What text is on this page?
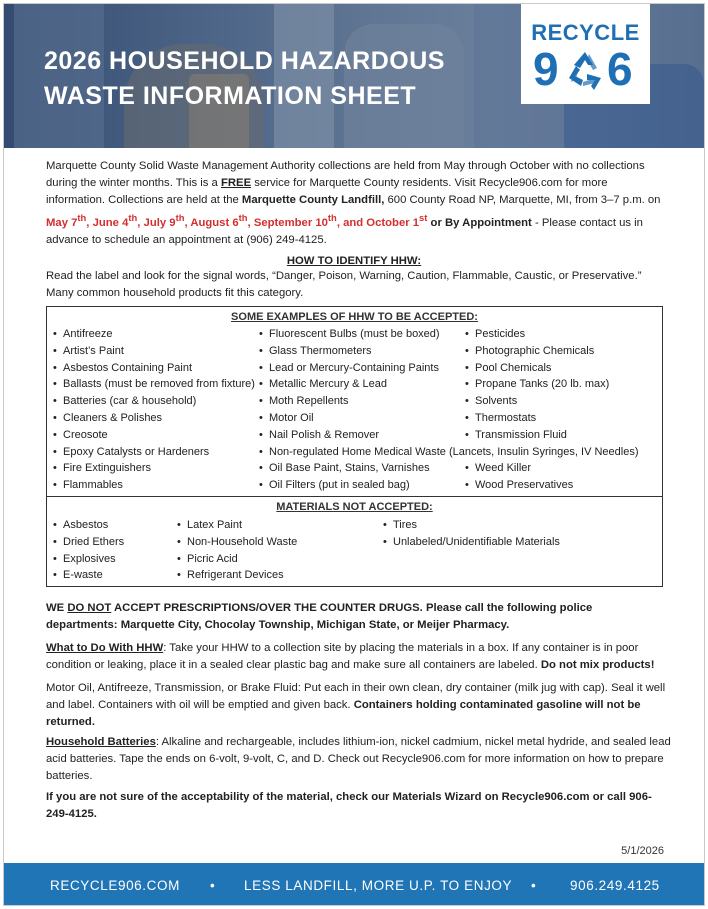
2026 HOUSEHOLD HAZARDOUS
WASTE INFORMATION SHEET
RECYCLE
9 6
Marquette County Solid Waste Management Authority collections are held from May through October with no collections during the winter months. This is a FREE service for Marquette County residents. Visit Recycle906.com for more information. Collections are held at the Marquette County Landfill, 600 County Road NP, Marquette, MI, from 3–7 p.m. on May 7th, June 4th, July 9th, August 6th, September 10th, and October 1st or By Appointment - Please contact us in advance to schedule an appointment at (906) 249-4125.
HOW TO IDENTIFY HHW:
Read the label and look for the signal words, “Danger, Poison, Warning, Caution, Flammable, Caustic, or Preservative.” Many common household products fit this category.
SOME EXAMPLES OF HHW TO BE ACCEPTED:
• Antifreeze
• Artist’s Paint
• Asbestos Containing Paint
• Ballasts (must be removed from fixture)
• Batteries (car & household)
• Cleaners & Polishes
• Creosote
• Epoxy Catalysts or Hardeners
• Fire Extinguishers
• Flammables
• Fluorescent Bulbs (must be boxed)
• Glass Thermometers
• Lead or Mercury-Containing Paints
• Metallic Mercury & Lead
• Moth Repellents
• Motor Oil
• Nail Polish & Remover
• Non-regulated Home Medical Waste (Lancets, Insulin Syringes, IV Needles)
• Oil Base Paint, Stains, Varnishes
• Oil Filters (put in sealed bag)
• Pesticides
• Photographic Chemicals
• Pool Chemicals
• Propane Tanks (20 lb. max)
• Solvents
• Thermostats
• Transmission Fluid
• Weed Killer
• Wood Preservatives
MATERIALS NOT ACCEPTED:
• Asbestos
• Dried Ethers
• Explosives
• E-waste
• Latex Paint
• Non-Household Waste
• Picric Acid
• Refrigerant Devices
• Tires
• Unlabeled/Unidentifiable Materials
WE DO NOT ACCEPT PRESCRIPTIONS/OVER THE COUNTER DRUGS. Please call the following police departments: Marquette City, Chocolay Township, Michigan State, or Meijer Pharmacy.
What to Do With HHW: Take your HHW to a collection site by placing the materials in a box. If any container is in poor condition or leaking, place it in a sealed clear plastic bag and make sure all containers are labeled. Do not mix products!
Motor Oil, Antifreeze, Transmission, or Brake Fluid: Put each in their own clean, dry container (milk jug with cap). Seal it well and label. Containers with oil will be emptied and given back. Containers holding contaminated gasoline will not be returned.
Household Batteries: Alkaline and rechargeable, includes lithium-ion, nickel cadmium, nickel metal hydride, and sealed lead acid batteries. Tape the ends on 6-volt, 9-volt, C, and D. Check out Recycle906.com for more information on how to prepare batteries.
If you are not sure of the acceptability of the material, check our Materials Wizard on Recycle906.com or call 906-249-4125.
5/1/2026
RECYCLE906.COM • LESS LANDFILL, MORE U.P. TO ENJOY • 906.249.4125
